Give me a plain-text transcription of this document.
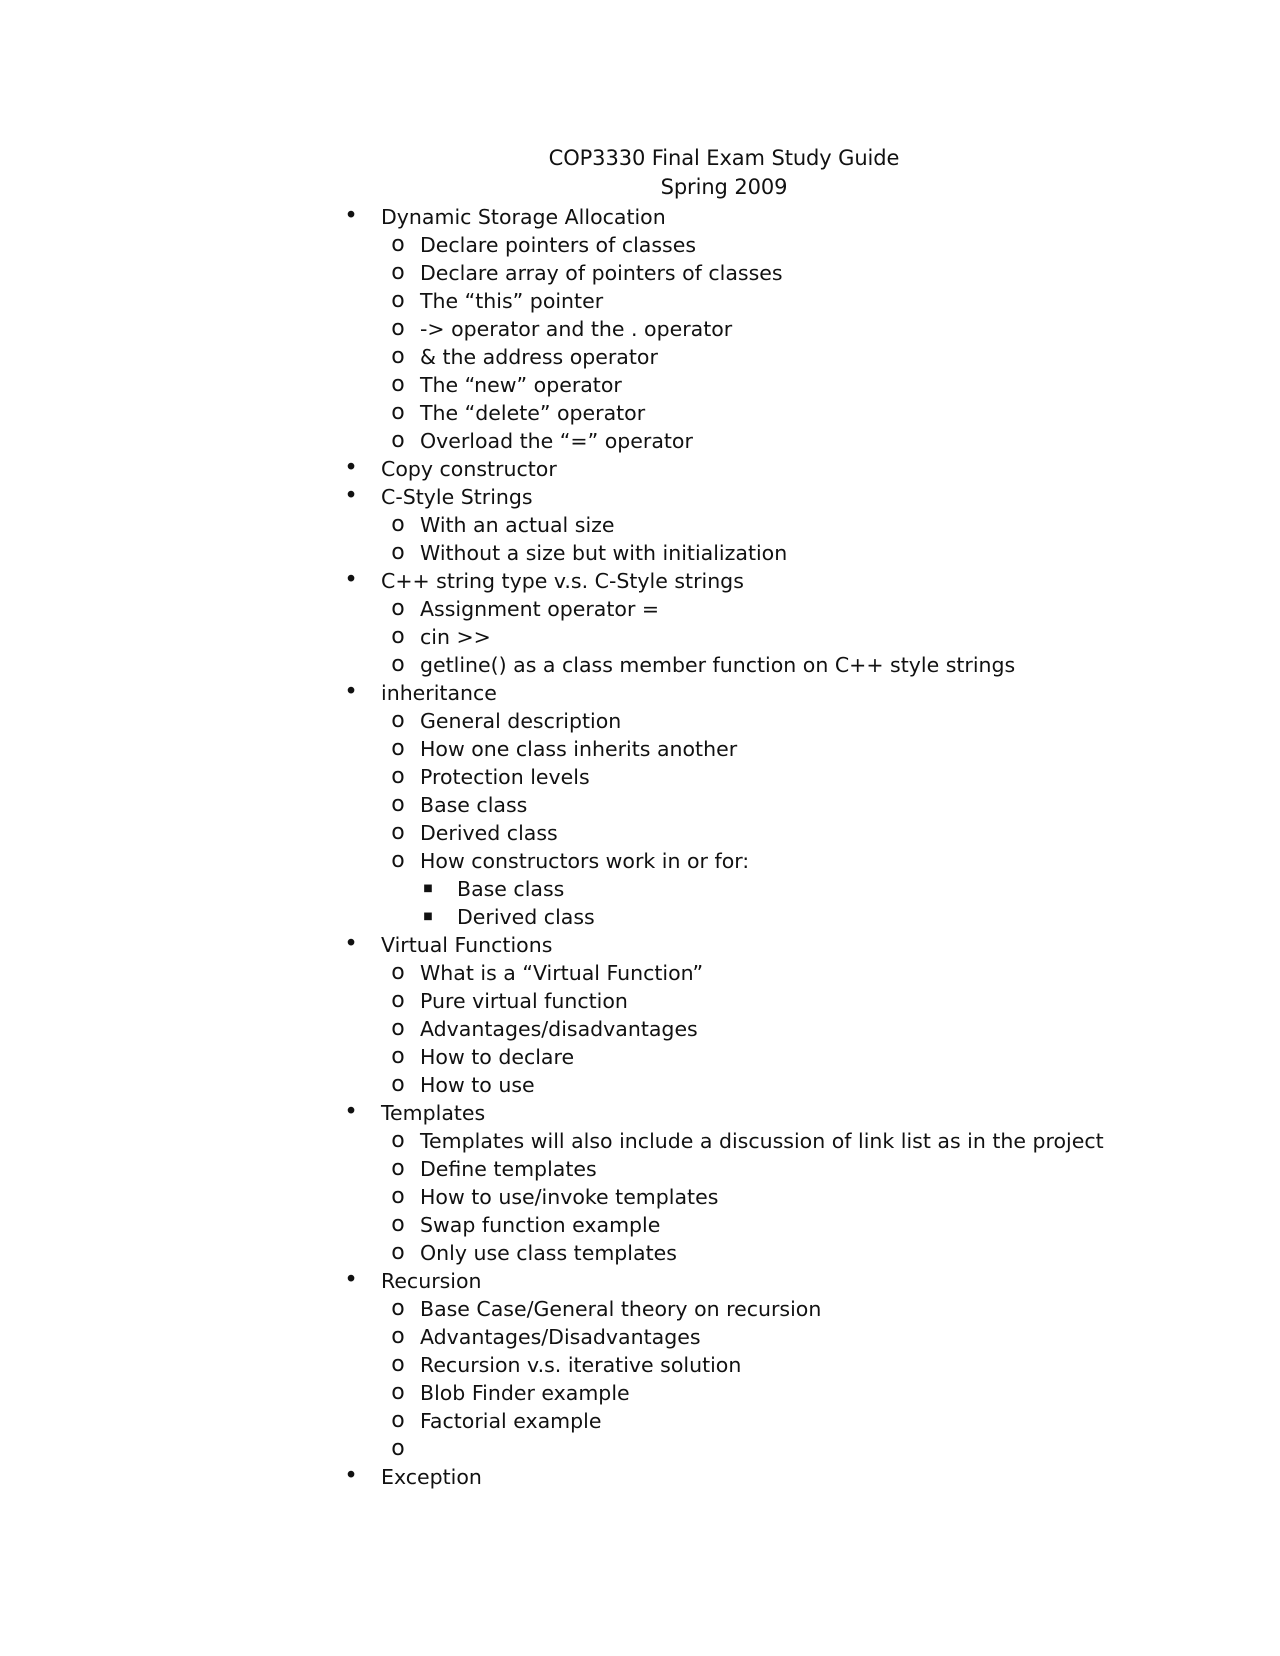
COP3330 Final Exam Study Guide
Spring 2009
• Dynamic Storage Allocation
o Declare pointers of classes
o Declare array of pointers of classes
o The “this” pointer
o -> operator and the . operator
o & the address operator
o The “new” operator
o The “delete” operator
o Overload the “=” operator
• Copy constructor
• C-Style Strings
o With an actual size
o Without a size but with initialization
• C++ string type v.s. C-Style strings
o Assignment operator =
o cin >>
o getline() as a class member function on C++ style strings
• inheritance
o General description
o How one class inherits another
o Protection levels
o Base class
o Derived class
o How constructors work in or for:
■ Base class
■ Derived class
• Virtual Functions
o What is a “Virtual Function”
o Pure virtual function
o Advantages/disadvantages
o How to declare
o How to use
• Templates
o Templates will also include a discussion of link list as in the project
o Define templates
o How to use/invoke templates
o Swap function example
o Only use class templates
• Recursion
o Base Case/General theory on recursion
o Advantages/Disadvantages
o Recursion v.s. iterative solution
o Blob Finder example
o Factorial example
o
• Exception
